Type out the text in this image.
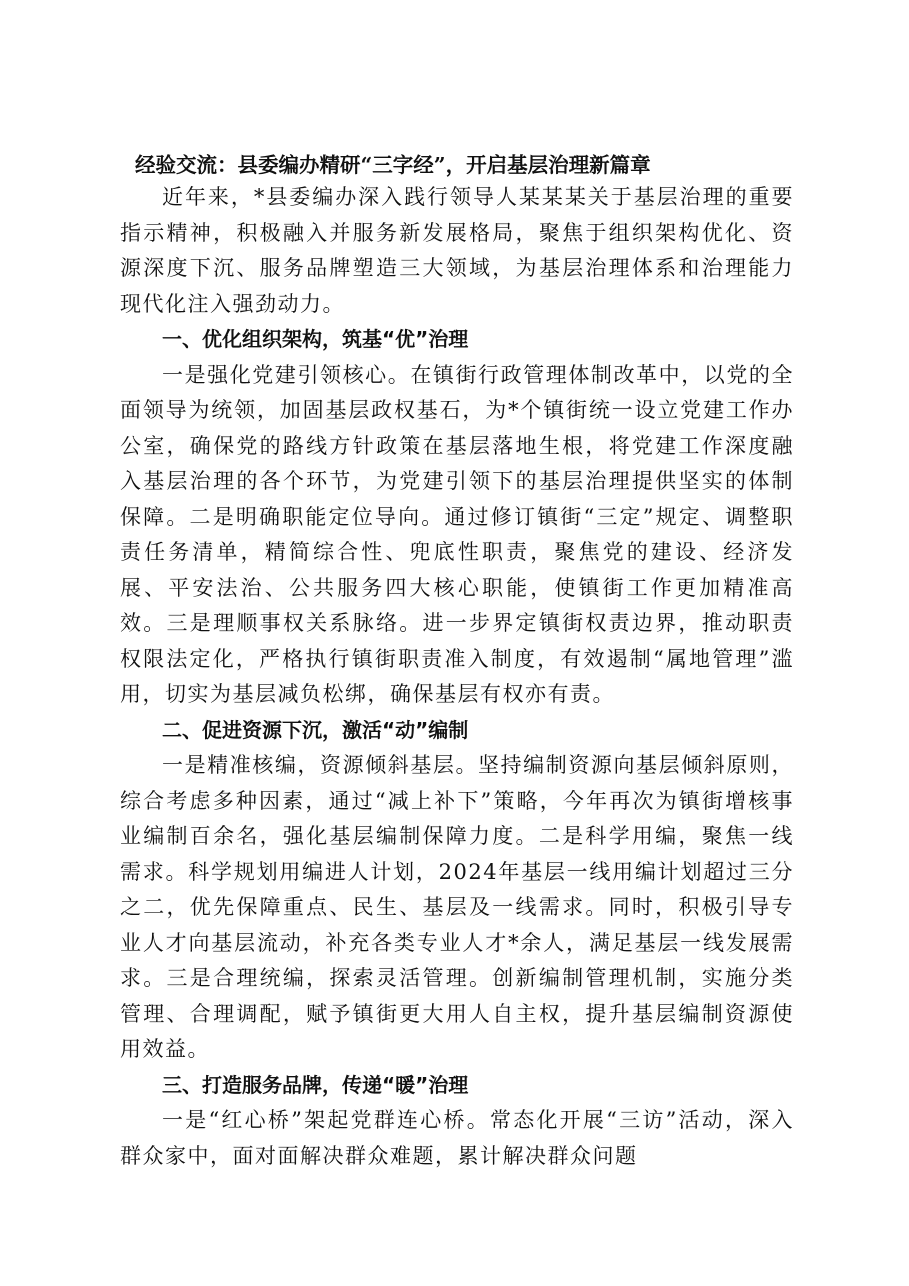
经验交流：县委编办精研“三字经”，开启基层治理新篇章

近年来，*县委编办深入践行领导人某某某关于基层治理的重要指示精神，积极融入并服务新发展格局，聚焦于组织架构优化、资源深度下沉、服务品牌塑造三大领域，为基层治理体系和治理能力现代化注入强劲动力。

一、优化组织架构，筑基“优”治理

一是强化党建引领核心。在镇街行政管理体制改革中，以党的全面领导为统领，加固基层政权基石，为*个镇街统一设立党建工作办公室，确保党的路线方针政策在基层落地生根，将党建工作深度融入基层治理的各个环节，为党建引领下的基层治理提供坚实的体制保障。二是明确职能定位导向。通过修订镇街“三定”规定、调整职责任务清单，精简综合性、兜底性职责，聚焦党的建设、经济发展、平安法治、公共服务四大核心职能，使镇街工作更加精准高效。三是理顺事权关系脉络。进一步界定镇街权责边界，推动职责权限法定化，严格执行镇街职责准入制度，有效遏制“属地管理”滥用，切实为基层减负松绑，确保基层有权亦有责。

二、促进资源下沉，激活“动”编制

一是精准核编，资源倾斜基层。坚持编制资源向基层倾斜原则，综合考虑多种因素，通过“减上补下”策略，今年再次为镇街增核事业编制百余名，强化基层编制保障力度。二是科学用编，聚焦一线需求。科学规划用编进人计划，2024年基层一线用编计划超过三分之二，优先保障重点、民生、基层及一线需求。同时，积极引导专业人才向基层流动，补充各类专业人才*余人，满足基层一线发展需求。三是合理统编，探索灵活管理。创新编制管理机制，实施分类管理、合理调配，赋予镇街更大用人自主权，提升基层编制资源使用效益。

三、打造服务品牌，传递“暖”治理

一是“红心桥”架起党群连心桥。常态化开展“三访”活动，深入群众家中，面对面解决群众难题，累计解决群众问题
